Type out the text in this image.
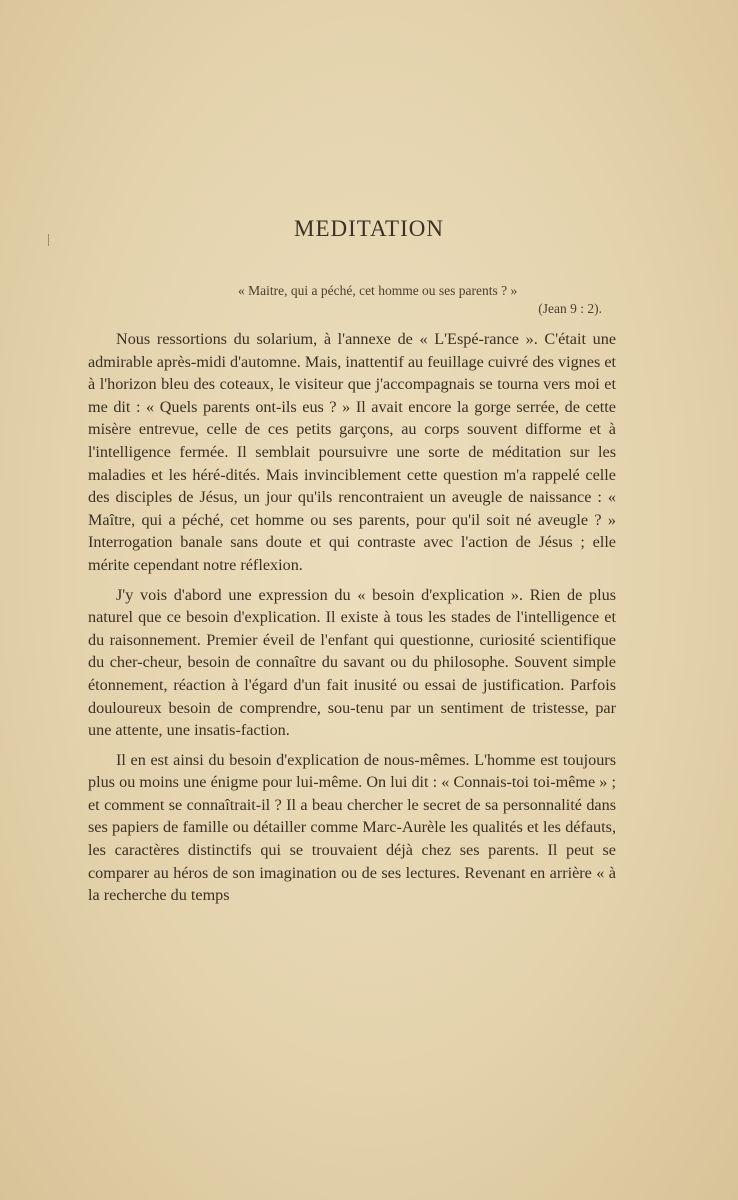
MEDITATION
« Maitre, qui a péché, cet homme ou ses parents ? »
(Jean 9 : 2).

Nous ressortions du solarium, à l'annexe de « L'Espé-rance ». C'était une admirable après-midi d'automne. Mais, inattentif au feuillage cuivré des vignes et à l'horizon bleu des coteaux, le visiteur que j'accompagnais se tourna vers moi et me dit : « Quels parents ont-ils eus ? » Il avait encore la gorge serrée, de cette misère entrevue, celle de ces petits garçons, au corps souvent difforme et à l'intelligence fermée. Il semblait poursuivre une sorte de méditation sur les maladies et les héré-dités. Mais invinciblement cette question m'a rappelé celle des disciples de Jésus, un jour qu'ils rencontraient un aveugle de naissance : « Maître, qui a péché, cet homme ou ses parents, pour qu'il soit né aveugle ? » Interrogation banale sans doute et qui contraste avec l'action de Jésus ; elle mérite cependant notre réflexion.

J'y vois d'abord une expression du « besoin d'explication ». Rien de plus naturel que ce besoin d'explication. Il existe à tous les stades de l'intelligence et du raisonnement. Premier éveil de l'enfant qui questionne, curiosité scientifique du cher-cheur, besoin de connaître du savant ou du philosophe. Souvent simple étonnement, réaction à l'égard d'un fait inusité ou essai de justification. Parfois douloureux besoin de comprendre, sou-tenu par un sentiment de tristesse, par une attente, une insatis-faction.

Il en est ainsi du besoin d'explication de nous-mêmes. L'homme est toujours plus ou moins une énigme pour lui-même. On lui dit : « Connais-toi toi-même » ; et comment se connaîtrait-il ? Il a beau chercher le secret de sa personnalité dans ses papiers de famille ou détailler comme Marc-Aurèle les qualités et les défauts, les caractères distinctifs qui se trouvaient déjà chez ses parents. Il peut se comparer au héros de son imagination ou de ses lectures. Revenant en arrière « à la recherche du temps
